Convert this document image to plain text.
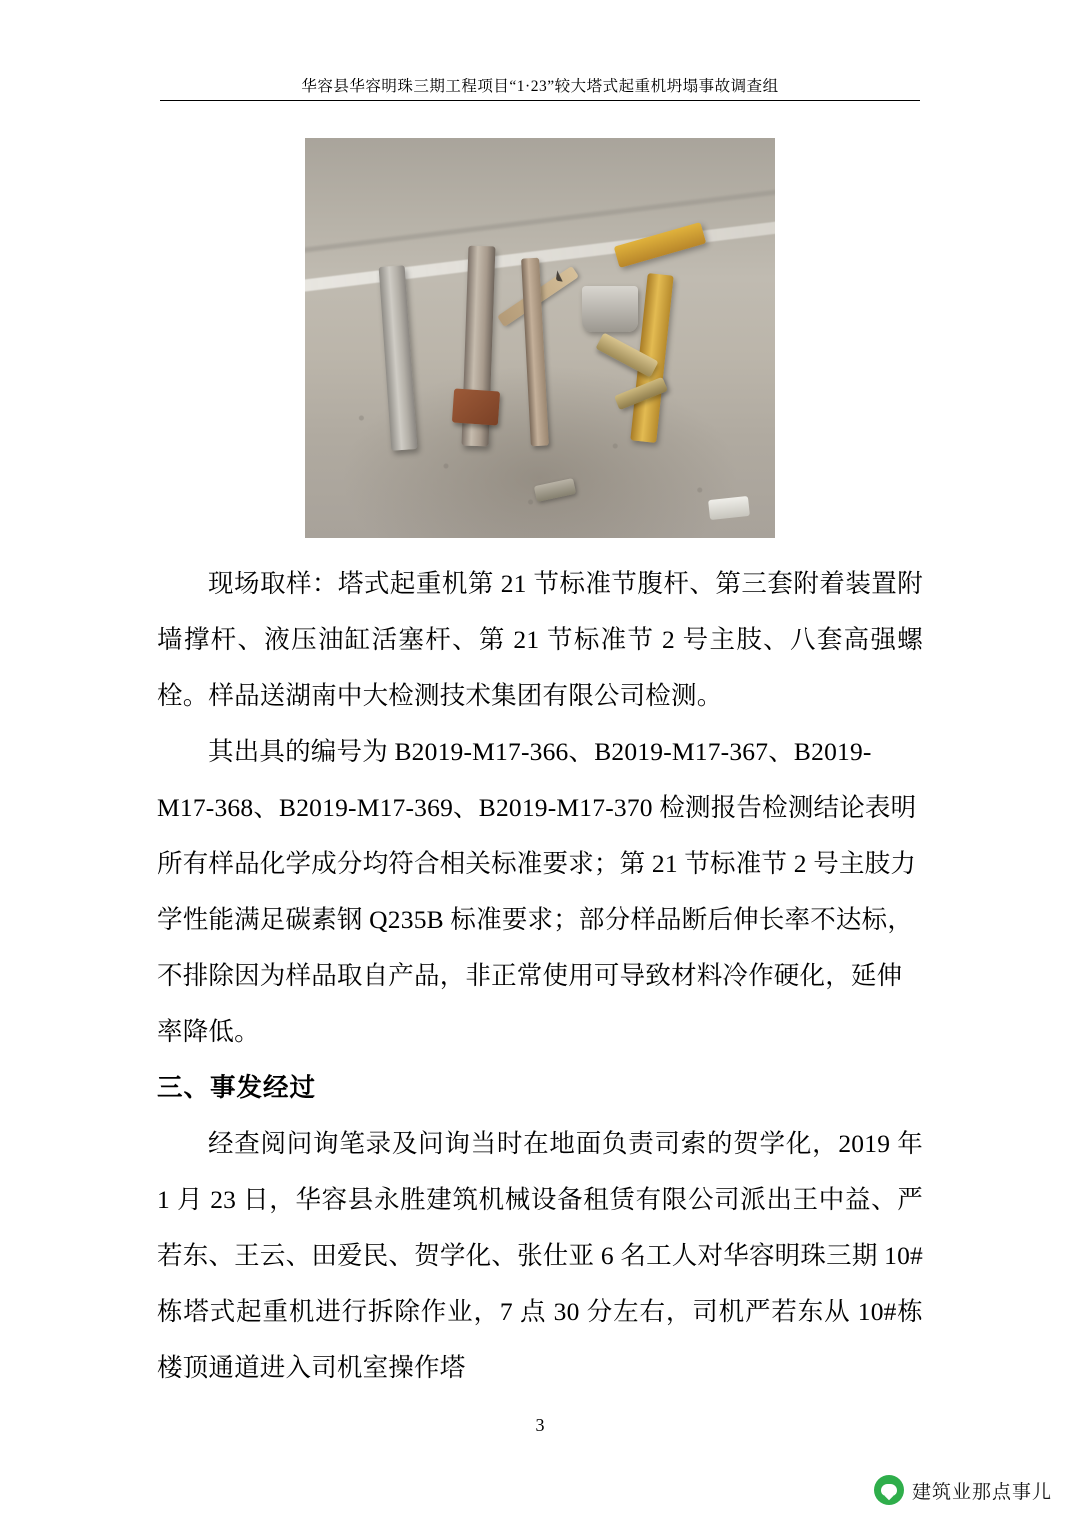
华容县华容明珠三期工程项目“1·23”较大塔式起重机坍塌事故调查组

现场取样：塔式起重机第 21 节标准节腹杆、第三套附着装置附墙撑杆、液压油缸活塞杆、第 21 节标准节 2 号主肢、八套高强螺栓。样品送湖南中大检测技术集团有限公司检测。

其出具的编号为 B2019-M17-366、B2019-M17-367、B2019-M17-368、B2019-M17-369、B2019-M17-370 检测报告检测结论表明所有样品化学成分均符合相关标准要求；第 21 节标准节 2 号主肢力学性能满足碳素钢 Q235B 标准要求；部分样品断后伸长率不达标，不排除因为样品取自产品，非正常使用可导致材料冷作硬化，延伸率降低。

三、事发经过

经查阅问询笔录及问询当时在地面负责司索的贺学化，2019 年 1 月 23 日，华容县永胜建筑机械设备租赁有限公司派出王中益、严若东、王云、田爱民、贺学化、张仕亚 6 名工人对华容明珠三期 10#栋塔式起重机进行拆除作业，7 点 30 分左右，司机严若东从 10#栋楼顶通道进入司机室操作塔

3
建筑业那点事儿
